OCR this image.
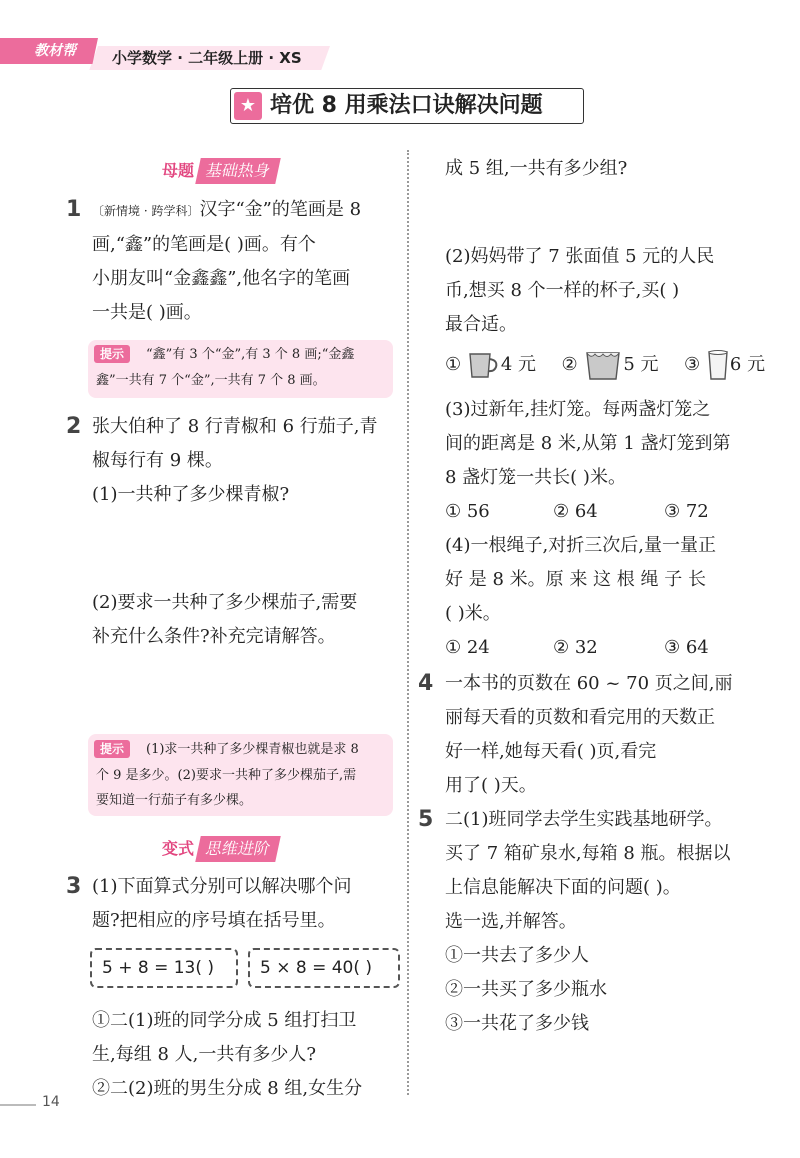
教材帮	小学数学 · 二年级上册 · XS
★ 培优 8 用乘法口诀解决问题
母题 基础热身
1 〔新情境 · 跨学科〕汉字“金”的笔画是 8
画,“鑫”的笔画是( )画。有个
小朋友叫“金鑫鑫”,他名字的笔画
一共是( )画。
提示	“鑫”有 3 个“金”,有 3 个 8 画;“金鑫
鑫”一共有 7 个“金”,一共有 7 个 8 画。
2 张大伯种了 8 行青椒和 6 行茄子,青
椒每行有 9 棵。
(1)一共种了多少棵青椒?
(2)要求一共种了多少棵茄子,需要
补充什么条件?补充完请解答。
提示	(1)求一共种了多少棵青椒也就是求 8
个 9 是多少。(2)要求一共种了多少棵茄子,需
要知道一行茄子有多少棵。
变式 思维进阶
3 (1)下面算式分别可以解决哪个问
题?把相应的序号填在括号里。
5 + 8 = 13( )	5 × 8 = 40( )
①二(1)班的同学分成 5 组打扫卫
生,每组 8 人,一共有多少人?
②二(2)班的男生分成 8 组,女生分
14
成 5 组,一共有多少组?
(2)妈妈带了 7 张面值 5 元的人民
币,想买 8 个一样的杯子,买( )
最合适。
① 4 元 ② 5 元 ③ 6 元
(3)过新年,挂灯笼。每两盏灯笼之
间的距离是 8 米,从第 1 盏灯笼到第
8 盏灯笼一共长( )米。
① 56	② 64	③ 72
(4)一根绳子,对折三次后,量一量正
好 是 8 米。原 来 这 根 绳 子 长
( )米。
① 24	② 32	③ 64
4 一本书的页数在 60 ~ 70 页之间,丽
丽每天看的页数和看完用的天数正
好一样,她每天看( )页,看完
用了( )天。
5 二(1)班同学去学生实践基地研学。
买了 7 箱矿泉水,每箱 8 瓶。根据以
上信息能解决下面的问题( )。
选一选,并解答。
①一共去了多少人
②一共买了多少瓶水
③一共花了多少钱
